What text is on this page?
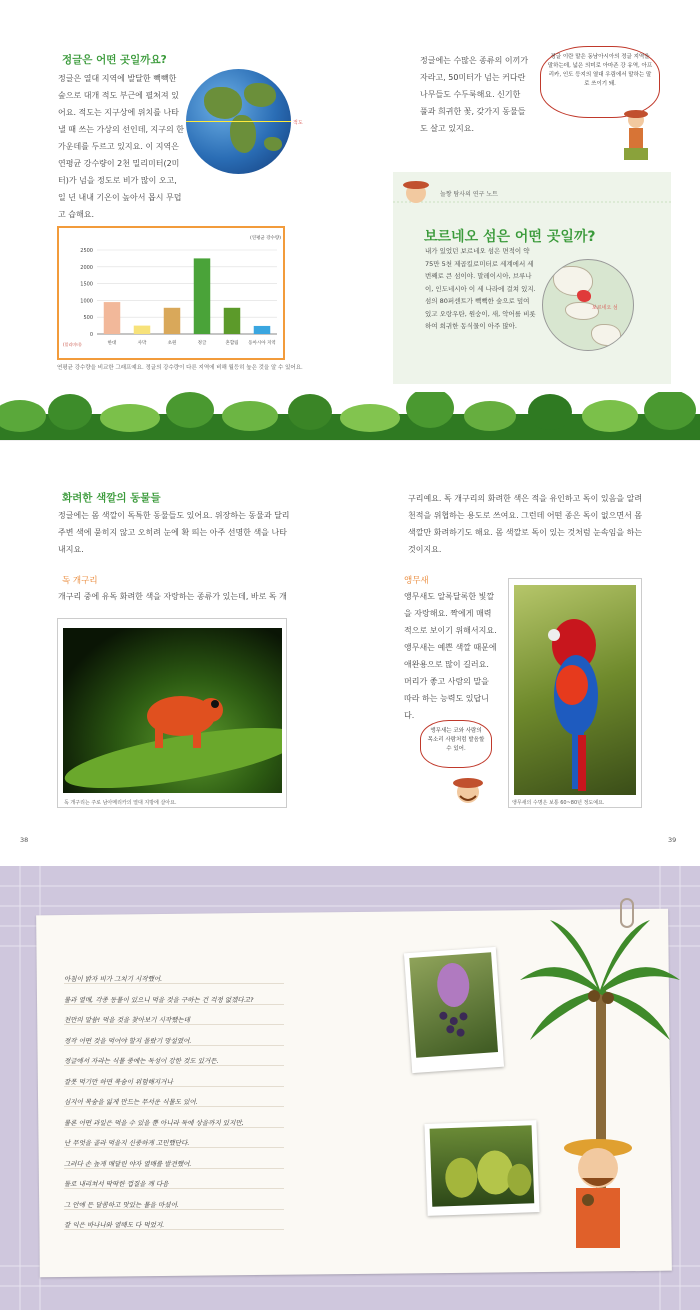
정글은 어떤 곳일까요?
정글은 열대 지역에 발달한 빽빽한 숲으로 대개 적도 부근에 펼쳐져 있어요. 적도는 지구상에 위치를 나타낼 때 쓰는 가상의 선인데, 지구의 한가운데를 두르고 있지요. 이 지역은 연평균 강수량이 2천 밀리미터(2미터)가 넘을 정도로 비가 많이 오고, 일 년 내내 기온이 높아서 몹시 무덥고 습해요.
적도
0
500
1000
1500
2000
2500
(밀리미터)
(연평균 강수량)
한대	사막	초원	정글	혼합림 동아시아 지역
연평균 강수량을 비교한 그래프예요. 정글의 강수량이 다른 지역에 비해 월등히 높은 것을 알 수 있어요.
정글에는 수많은 종류의 이끼가 자라고, 50미터가 넘는 커다란 나무들도 수두룩해요. 신기한 풀과 희귀한 꽃, 갖가지 동물들도 살고 있지요.
정글 이란 말은 동남아시아의 정글 지역을 말하는데, 넓은 의미로 아마존 강 유역, 아프리카, 인도 등지의 열대 우림에서 말하는 말로 쓰이기 돼.
놀짱 탐사의 연구 노트
보르네오 섬은 어떤 곳일까?
내가 있었던 보르네오 섬은 면적이 약 75만 5천 제곱킬로미터로 세계에서 세 번째로 큰 섬이야. 말레이시아, 브루나이, 인도네시아 이 세 나라에 걸쳐 있지. 섬의 80퍼센트가 빽빽한 숲으로 덮여 있고 오랑우탄, 원숭이, 새, 악어를 비롯하여 희귀한 동식물이 아주 많아.
보르네오 섬
화려한 색깔의 동물들
정글에는 몸 색깔이 독특한 동물들도 있어요. 위장하는 동물과 달리 주변 색에 묻히지 않고 오히려 눈에 확 띄는 아주 선명한 색을 나타내지요.
독 개구리
개구리 중에 유독 화려한 색을 자랑하는 종류가 있는데, 바로 독 개
독 개구리는 주로 남아메리카의 열대 지방에 살아요.
38
구리예요. 독 개구리의 화려한 색은 적을 유인하고 독이 있음을 알려 천적을 위협하는 용도로 쓰여요. 그런데 어떤 종은 독이 없으면서 몸 색깔만 화려하기도 해요. 몸 색깔로 독이 있는 것처럼 눈속임을 하는 것이지요.
앵무새
앵무새도 알록달록한 빛깔을 자랑해요. 짝에게 매력적으로 보이기 위해서지요. 앵무새는 예쁜 색깔 때문에 애완용으로 많이 길러요. 머리가 좋고 사람의 말을 따라 하는 능력도 있답니다.
앵무새의 수명은 보통 60~80년 정도예요.
앵무새는 코와 사람의 목소리 사람처럼 발음할 수 있어.
39
아침이 밝자 비가 그치기 시작했어.
물과 열매, 각종 동물이 있으니 먹을 것을 구하는 건 걱정 없겠다고?
천만의 말씀! 먹을 것을 찾아보기 시작했는데
정작 어떤 것을 먹어야 할지 몰랐기 망설였어.
정글에서 자라는 식물 중에는 독성이 강한 것도 있거든.
잘못 먹기만 하면 목숨이 위험해지거나
심지어 목숨을 잃게 만드는 무서운 식물도 있어.
물론 어떤 과일은 먹을 수 있을 뿐 아니라 독에 상을까지 있지만,
난 무엇을 골라 먹을지 신중하게 고민했단다.
그러다 손 높게 매달린 야자 열매를 발견했어.
돌로 내리쳐서 딱딱한 껍질을 깨 다음
그 안에 든 달콤하고 맛있는 물을 마셨어.
잘 익은 바나나와 열매도 다 먹었지.
